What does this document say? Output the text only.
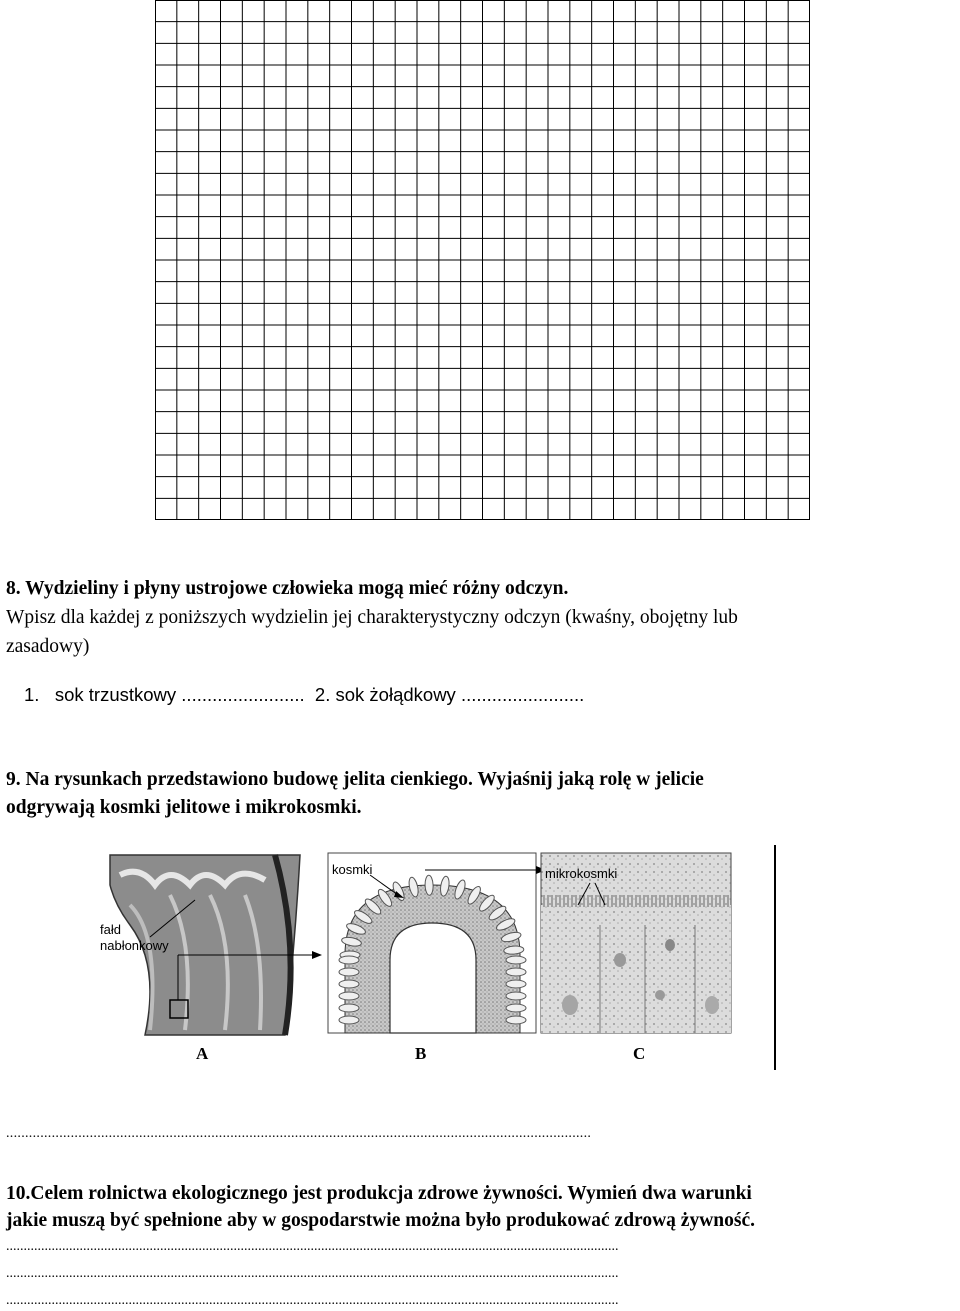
8. Wydzieliny i płyny ustrojowe człowieka mogą mieć różny odczyn.
Wpisz dla każdej z poniższych wydzielin jej charakterystyczny odczyn (kwaśny, obojętny lub
zasadowy)
1.   sok trzustkowy ........................  2. sok żołądkowy ........................
9. Na rysunkach przedstawiono budowę jelita cienkiego. Wyjaśnij jaką rolę w jelicie
odgrywają kosmki jelitowe i mikrokosmki.
fałd
nabłonkowy
kosmki	mikrokosmki
A	B	C
..........................................................................................................................................................
10.Celem rolnictwa ekologicznego jest produkcja zdrowe żywności. Wymień dwa warunki
jakie muszą być spełnione aby w gospodarstwie można było produkować zdrową żywność.
...............................................................................................................................................................................
...............................................................................................................................................................................
...............................................................................................................................................................................
